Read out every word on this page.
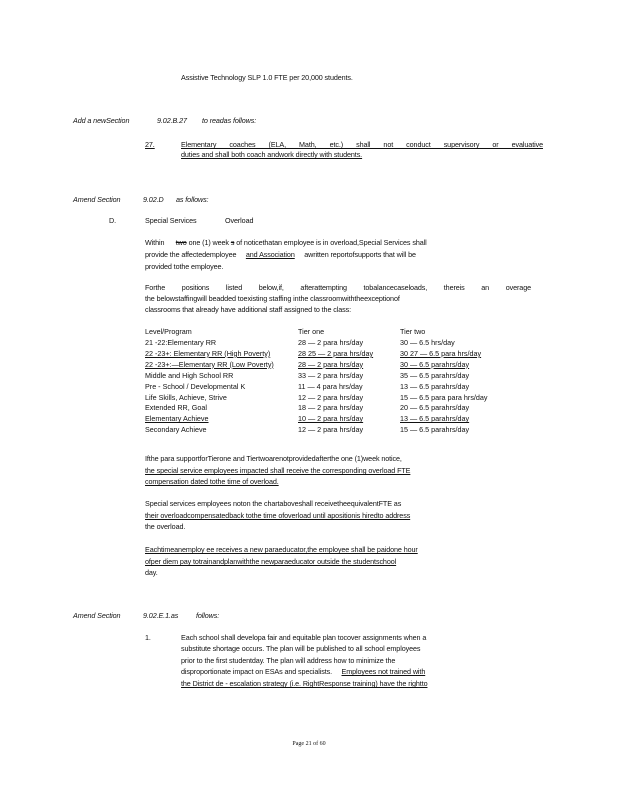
Assistive Technology SLP 1.0 FTE per 20,000 students.
Add a newSection	9.02.B.27 to readas follows:
27.	Elementary coaches (ELA, Math, etc.) shall not conduct supervisory or evaluative
duties and shall both coach andwork directly with students.
Amend Section	9.02.D as follows:
D.	Special Services	Overload
Within two one (1) week s of noticethatan employee is in overload,Special Services shall
provide the affectedemployee and Association awritten reportofsupports that will be
provided tothe employee.
Forthe positions listed below,if, afterattempting tobalancecaseloads, thereis an overage
the belowstaffingwill beadded toexisting staffing inthe classroomwiththeexceptionof
classrooms that already have additional staff assigned to the class:
Level/Program	Tier one	Tier two
21 -22:Elementary RR	28 — 2 para hrs/day	30 — 6.5 hrs/day
22 -23+: Elementary RR (High Poverty)	28 25 — 2 para hrs/day	30 27 — 6.5 para hrs/day
22 -23+:—Elementary RR (Low Poverty)	28 — 2 para hrs/day	30 — 6.5 parahrs/day
Middle and High School RR	33 — 2 para hrs/day	35 — 6.5 parahrs/day
Pre - School / Developmental K	11 — 4 para hrs/day	13 — 6.5 parahrs/day
Life Skills, Achieve, Strive	12 — 2 para hrs/day	15 — 6.5 para para hrs/day
Extended RR, Goal	18 — 2 para hrs/day	20 — 6.5 parahrs/day
Elementary Achieve	10 — 2 para hrs/day	13 — 6.5 parahrs/day
Secondary Achieve	12 — 2 para hrs/day	15 — 6.5 parahrs/day
Ifthe para supportforTierone and Tiertwoarenotprovidedafterthe one (1)week notice,
the special service employees impacted shall receive the corresponding overload FTE
compensation dated tothe time of overload.
Special services employees noton the chartaboveshall receivetheequivalentFTE as
their overloadcompensatedback tothe time ofoverload until apositionis hiredto address
the overload.
Eachtimeanemploy ee receives a new paraeducator,the employee shall be paidone hour
ofper diem pay totrainandplanwiththe newparaeducator outside the studentschool
day.
Amend Section	9.02.E.1.as follows:
1.	Each school shall developa fair and equitable plan tocover assignments when a
substitute shortage occurs. The plan will be published to all school employees
prior to the first studentday. The plan will address how to minimize the
disproportionate impact on ESAs and specialists. Employees not trained with
the District de - escalation strategy (i.e. RightResponse training) have the rightto
Page 21 of 60
